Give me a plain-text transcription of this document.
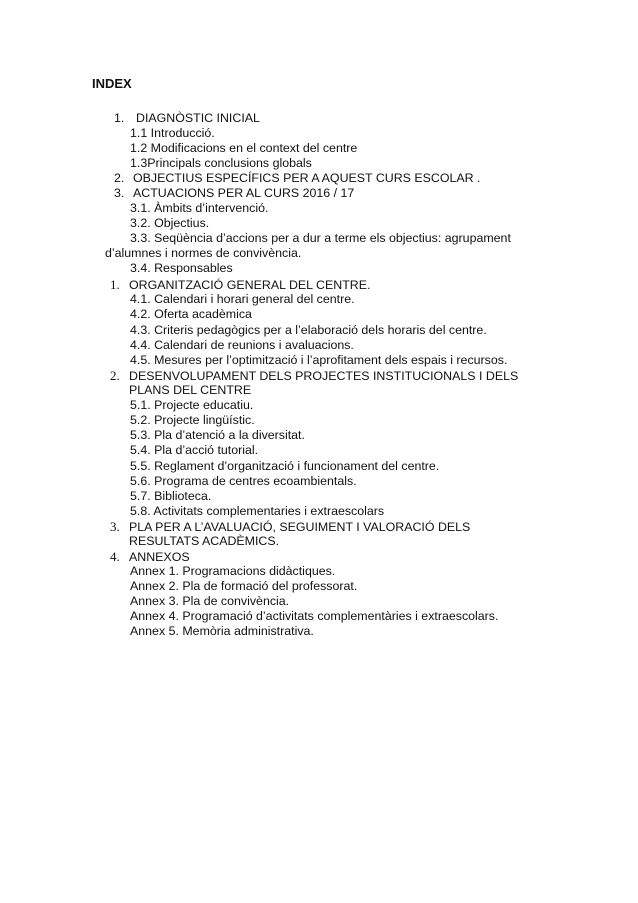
INDEX
1. DIAGNÒSTIC INICIAL
1.1 Introducció.
1.2 Modificacions en el context del centre
1.3Principals conclusions globals
2. OBJECTIUS ESPECÍFICS PER A AQUEST CURS ESCOLAR .
3. ACTUACIONS PER AL CURS 2016 / 17
3.1. Àmbits d’intervenció.
3.2. Objectius.
3.3. Seqüència d’accions per a dur a terme els objectius: agrupament
d’alumnes i normes de convivència.
3.4. Responsables
1. ORGANITZACIÓ GENERAL DEL CENTRE.
4.1. Calendari i horari general del centre.
4.2. Oferta acadèmica
4.3. Criteris pedagògics per a l’elaboració dels horaris del centre.
4.4. Calendari de reunions i avaluacions.
4.5. Mesures per l’optimització i l’aprofitament dels espais i recursos.
2. DESENVOLUPAMENT DELS PROJECTES INSTITUCIONALS I DELS
PLANS DEL CENTRE
5.1. Projecte educatiu.
5.2. Projecte lingüístic.
5.3. Pla d’atenció a la diversitat.
5.4. Pla d’acció tutorial.
5.5. Reglament d’organització i funcionament del centre.
5.6. Programa de centres ecoambientals.
5.7. Biblioteca.
5.8. Activitats complementaries i extraescolars
3. PLA PER A L’AVALUACIÓ, SEGUIMENT I VALORACIÓ DELS
RESULTATS ACADÈMICS.
4. ANNEXOS
Annex 1. Programacions didàctiques.
Annex 2. Pla de formació del professorat.
Annex 3. Pla de convivència.
Annex 4. Programació d’activitats complementàries i extraescolars.
Annex 5. Memòria administrativa.
